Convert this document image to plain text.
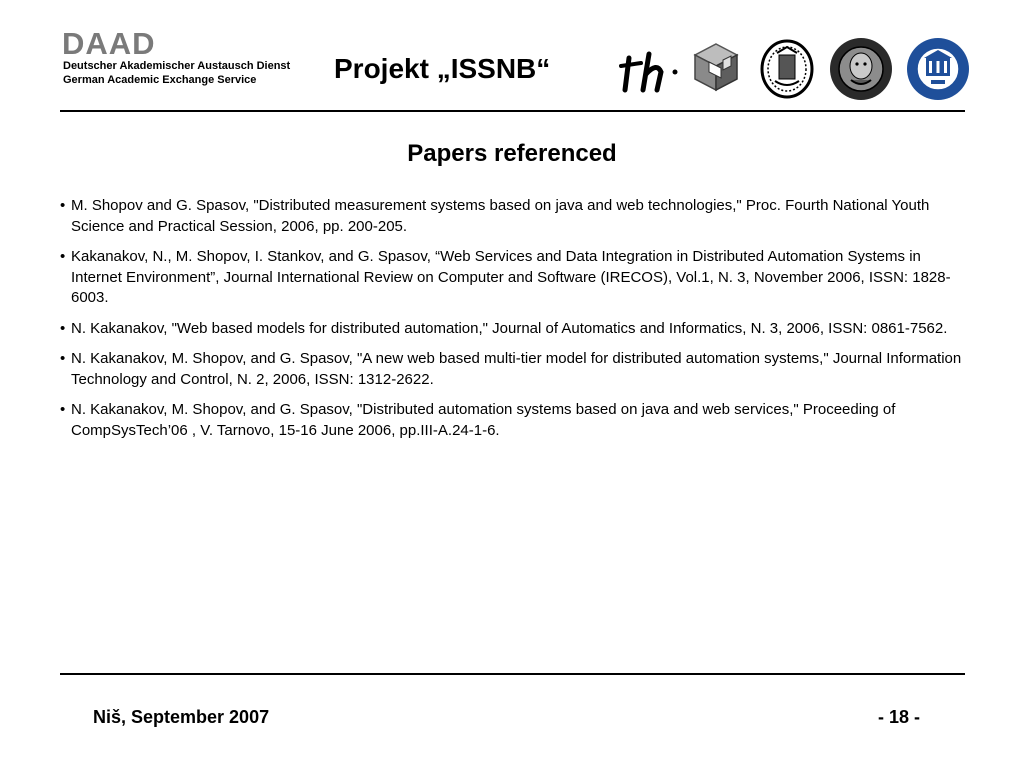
DAAD
Deutscher Akademischer Austausch Dienst
German Academic Exchange Service	Projekt „ISSNB“
Papers referenced
• M. Shopov and G. Spasov, "Distributed measurement systems based on java and web technologies," Proc. Fourth National Youth Science and Practical Session, 2006, pp. 200-205.
• Kakanakov, N., M. Shopov, I. Stankov, and G. Spasov, “Web Services and Data Integration in Distributed Automation Systems in Internet Environment”, Journal International Review on Computer and Software (IRECOS), Vol.1, N. 3, November 2006, ISSN: 1828-6003.
• N. Kakanakov, "Web based models for distributed automation," Journal of Automatics and Informatics, N. 3, 2006, ISSN: 0861-7562.
• N. Kakanakov, M. Shopov, and G. Spasov, "A new web based multi-tier model for distributed automation systems," Journal Information Technology and Control, N. 2, 2006, ISSN: 1312-2622.
• N. Kakanakov, M. Shopov, and G. Spasov, "Distributed automation systems based on java and web services," Proceeding of CompSysTech’06 , V. Tarnovo, 15-16 June 2006, pp.III-A.24-1-6.
Niš, September 2007	- 18 -
